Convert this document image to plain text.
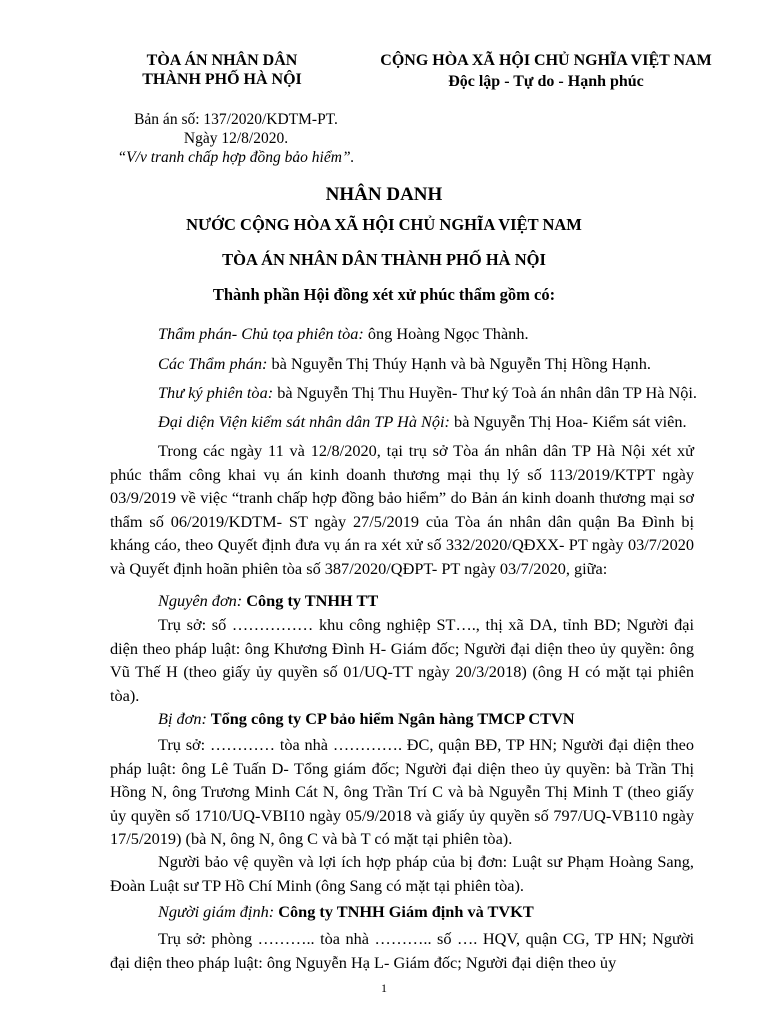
TÒA ÁN NHÂN DÂN
THÀNH PHỐ HÀ NỘI
CỘNG HÒA XÃ HỘI CHỦ NGHĨA VIỆT NAM
Độc lập - Tự do - Hạnh phúc
Bản án số: 137/2020/KDTM-PT.
Ngày 12/8/2020.
“V/v tranh chấp hợp đồng bảo hiểm”.
NHÂN DANH
NƯỚC CỘNG HÒA XÃ HỘI CHỦ NGHĨA VIỆT NAM
TÒA ÁN NHÂN DÂN THÀNH PHỐ HÀ NỘI
Thành phần Hội đồng xét xử phúc thẩm gồm có:
Thẩm phán- Chủ tọa phiên tòa: ông Hoàng Ngọc Thành.
Các Thẩm phán: bà Nguyễn Thị Thúy Hạnh và bà Nguyễn Thị Hồng Hạnh.
Thư ký phiên tòa: bà Nguyễn Thị Thu Huyền- Thư ký Toà án nhân dân TP Hà Nội.
Đại diện Viện kiểm sát nhân dân TP Hà Nội: bà Nguyễn Thị Hoa- Kiểm sát viên.
Trong các ngày 11 và 12/8/2020, tại trụ sở Tòa án nhân dân TP Hà Nội xét xử phúc thẩm công khai vụ án kinh doanh thương mại thụ lý số 113/2019/KTPT ngày 03/9/2019 về việc “tranh chấp hợp đồng bảo hiểm” do Bản án kinh doanh thương mại sơ thẩm số 06/2019/KDTM- ST ngày 27/5/2019 của Tòa án nhân dân quận Ba Đình bị kháng cáo, theo Quyết định đưa vụ án ra xét xử số 332/2020/QĐXX- PT ngày 03/7/2020 và Quyết định hoãn phiên tòa số 387/2020/QĐPT- PT ngày 03/7/2020, giữa:
Nguyên đơn: Công ty TNHH TT
Trụ sở: số …………… khu công nghiệp ST…., thị xã DA, tỉnh BD; Người đại diện theo pháp luật: ông Khương Đình H- Giám đốc; Người đại diện theo ủy quyền: ông Vũ Thế H (theo giấy ủy quyền số 01/UQ-TT ngày 20/3/2018) (ông H có mặt tại phiên tòa).
Bị đơn: Tổng công ty CP bảo hiểm Ngân hàng TMCP CTVN
Trụ sở: ………… tòa nhà …………. ĐC, quận BĐ, TP HN; Người đại diện theo pháp luật: ông Lê Tuấn D- Tổng giám đốc; Người đại diện theo ủy quyền: bà Trần Thị Hồng N, ông Trương Minh Cát N, ông Trần Trí C và bà Nguyễn Thị Minh T (theo giấy ủy quyền số 1710/UQ-VBI10 ngày 05/9/2018 và giấy ủy quyền số 797/UQ-VB110 ngày 17/5/2019) (bà N, ông N, ông C và bà T có mặt tại phiên tòa).
Người bảo vệ quyền và lợi ích hợp pháp của bị đơn: Luật sư Phạm Hoàng Sang, Đoàn Luật sư TP Hồ Chí Minh (ông Sang có mặt tại phiên tòa).
Người giám định: Công ty TNHH Giám định và TVKT
Trụ sở: phòng ……….. tòa nhà ……….. số …. HQV, quận CG, TP HN; Người đại diện theo pháp luật: ông Nguyễn Hạ L- Giám đốc; Người đại diện theo ủy
1
